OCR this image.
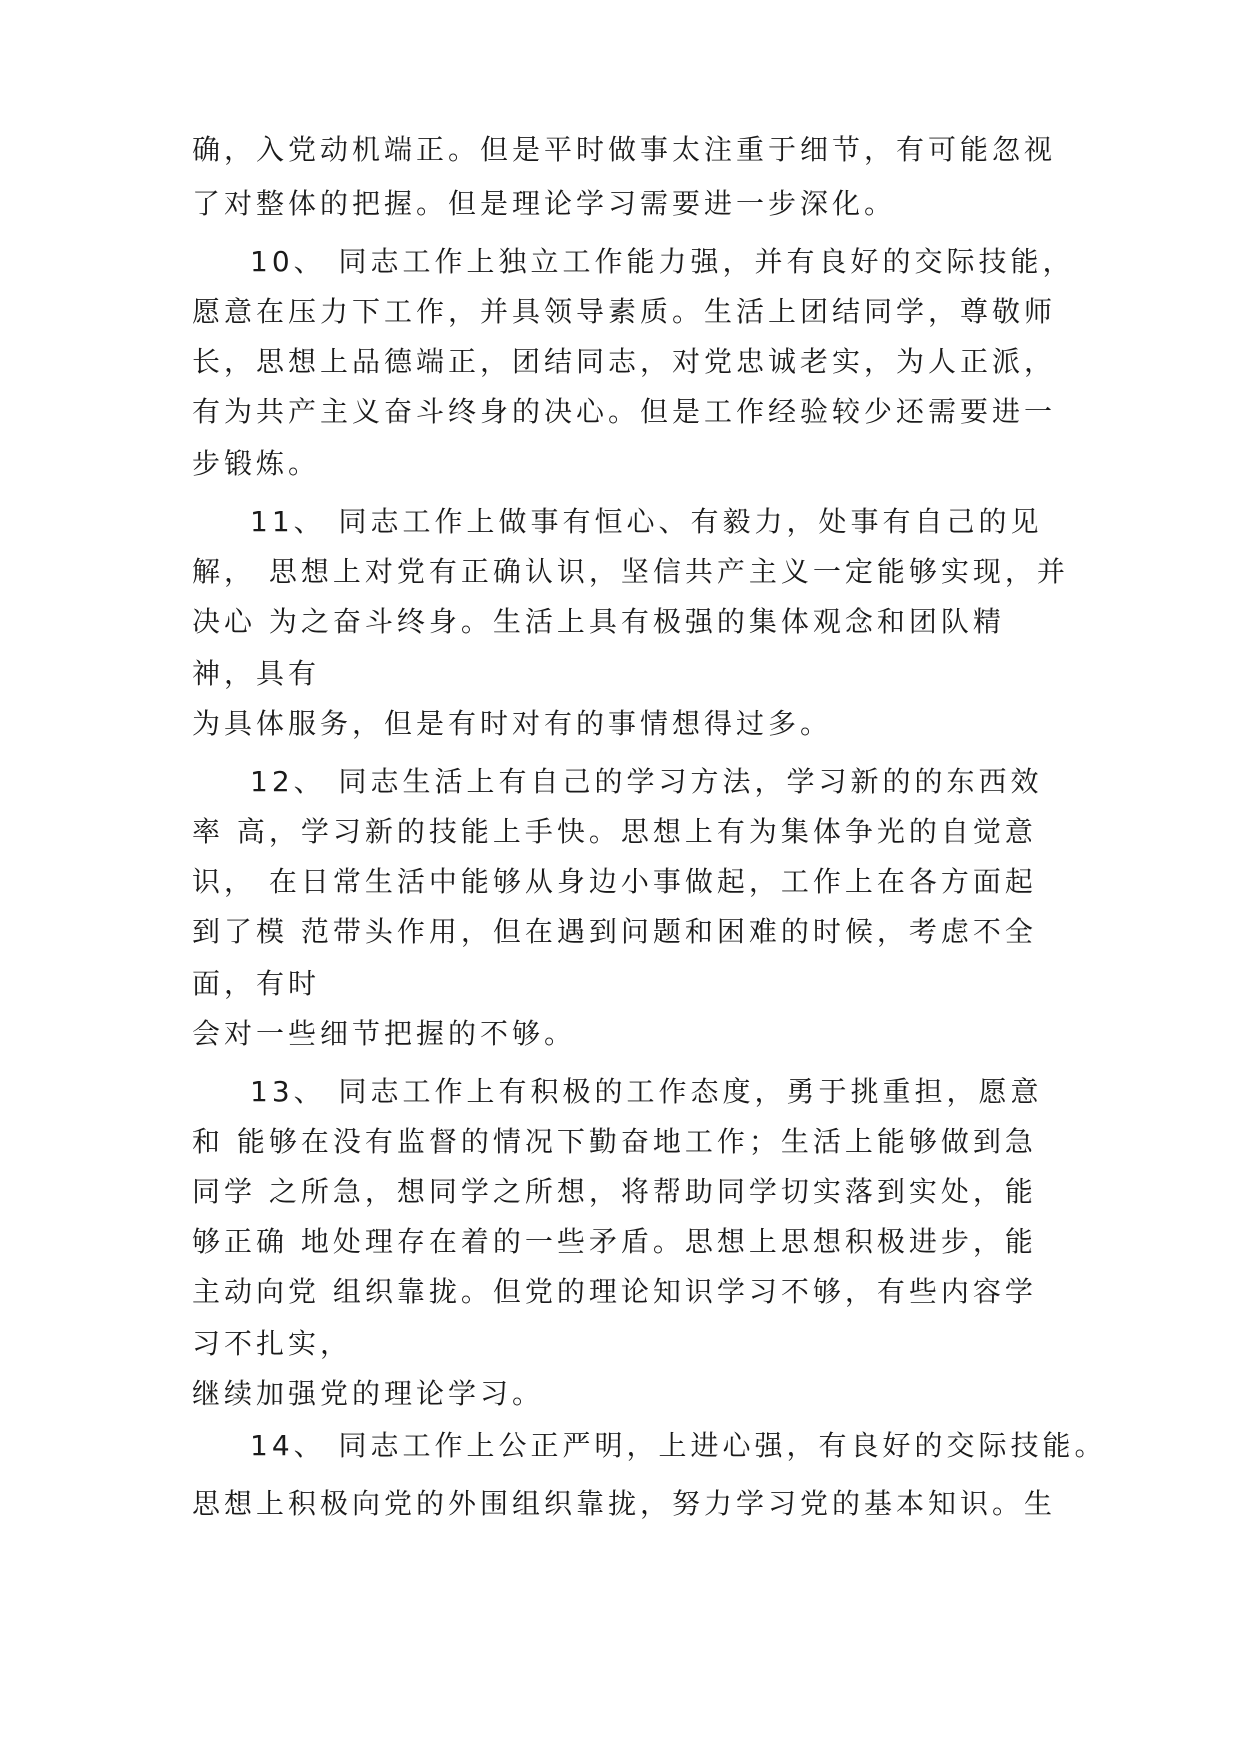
确，入党动机端正。但是平时做事太注重于细节，有可能忽视
了对整体的把握。但是理论学习需要进一步深化。
10、 同志工作上独立工作能力强，并有良好的交际技能，
愿意在压力下工作，并具领导素质。生活上团结同学，尊敬师
长，思想上品德端正，团结同志，对党忠诚老实，为人正派，
有为共产主义奋斗终身的决心。但是工作经验较少还需要进一
步锻炼。
11、 同志工作上做事有恒心、有毅力，处事有自己的见
解， 思想上对党有正确认识，坚信共产主义一定能够实现，并
决心 为之奋斗终身。生活上具有极强的集体观念和团队精
神，具有
为具体服务，但是有时对有的事情想得过多。
12、 同志生活上有自己的学习方法，学习新的的东西效
率 高，学习新的技能上手快。思想上有为集体争光的自觉意
识， 在日常生活中能够从身边小事做起，工作上在各方面起
到了模 范带头作用，但在遇到问题和困难的时候，考虑不全
面，有时
会对一些细节把握的不够。
13、 同志工作上有积极的工作态度，勇于挑重担，愿意
和 能够在没有监督的情况下勤奋地工作；生活上能够做到急
同学 之所急，想同学之所想，将帮助同学切实落到实处，能
够正确 地处理存在着的一些矛盾。思想上思想积极进步，能
主动向党 组织靠拢。但党的理论知识学习不够，有些内容学
习不扎实，
继续加强党的理论学习。
14、 同志工作上公正严明，上进心强，有良好的交际技能。
思想上积极向党的外围组织靠拢，努力学习党的基本知识。生
